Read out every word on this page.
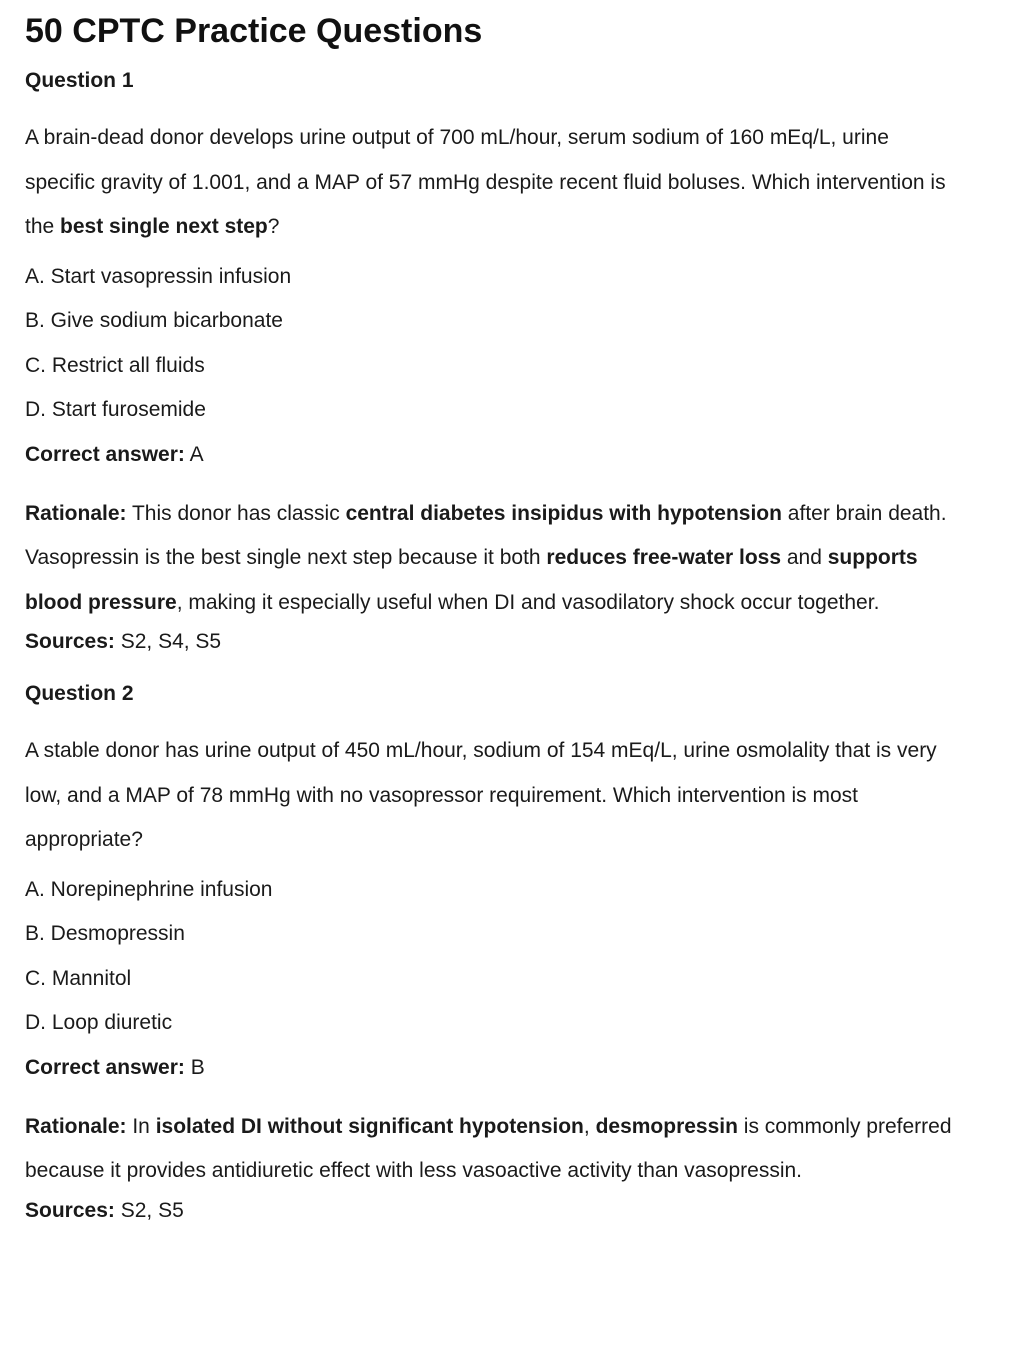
50 CPTC Practice Questions
Question 1
A brain-dead donor develops urine output of 700 mL/hour, serum sodium of 160 mEq/L, urine specific gravity of 1.001, and a MAP of 57 mmHg despite recent fluid boluses. Which intervention is the best single next step?
A. Start vasopressin infusion
B. Give sodium bicarbonate
C. Restrict all fluids
D. Start furosemide
Correct answer: A
Rationale: This donor has classic central diabetes insipidus with hypotension after brain death. Vasopressin is the best single next step because it both reduces free-water loss and supports blood pressure, making it especially useful when DI and vasodilatory shock occur together.
Sources: S2, S4, S5
Question 2
A stable donor has urine output of 450 mL/hour, sodium of 154 mEq/L, urine osmolality that is very low, and a MAP of 78 mmHg with no vasopressor requirement. Which intervention is most appropriate?
A. Norepinephrine infusion
B. Desmopressin
C. Mannitol
D. Loop diuretic
Correct answer: B
Rationale: In isolated DI without significant hypotension, desmopressin is commonly preferred because it provides antidiuretic effect with less vasoactive activity than vasopressin.
Sources: S2, S5
